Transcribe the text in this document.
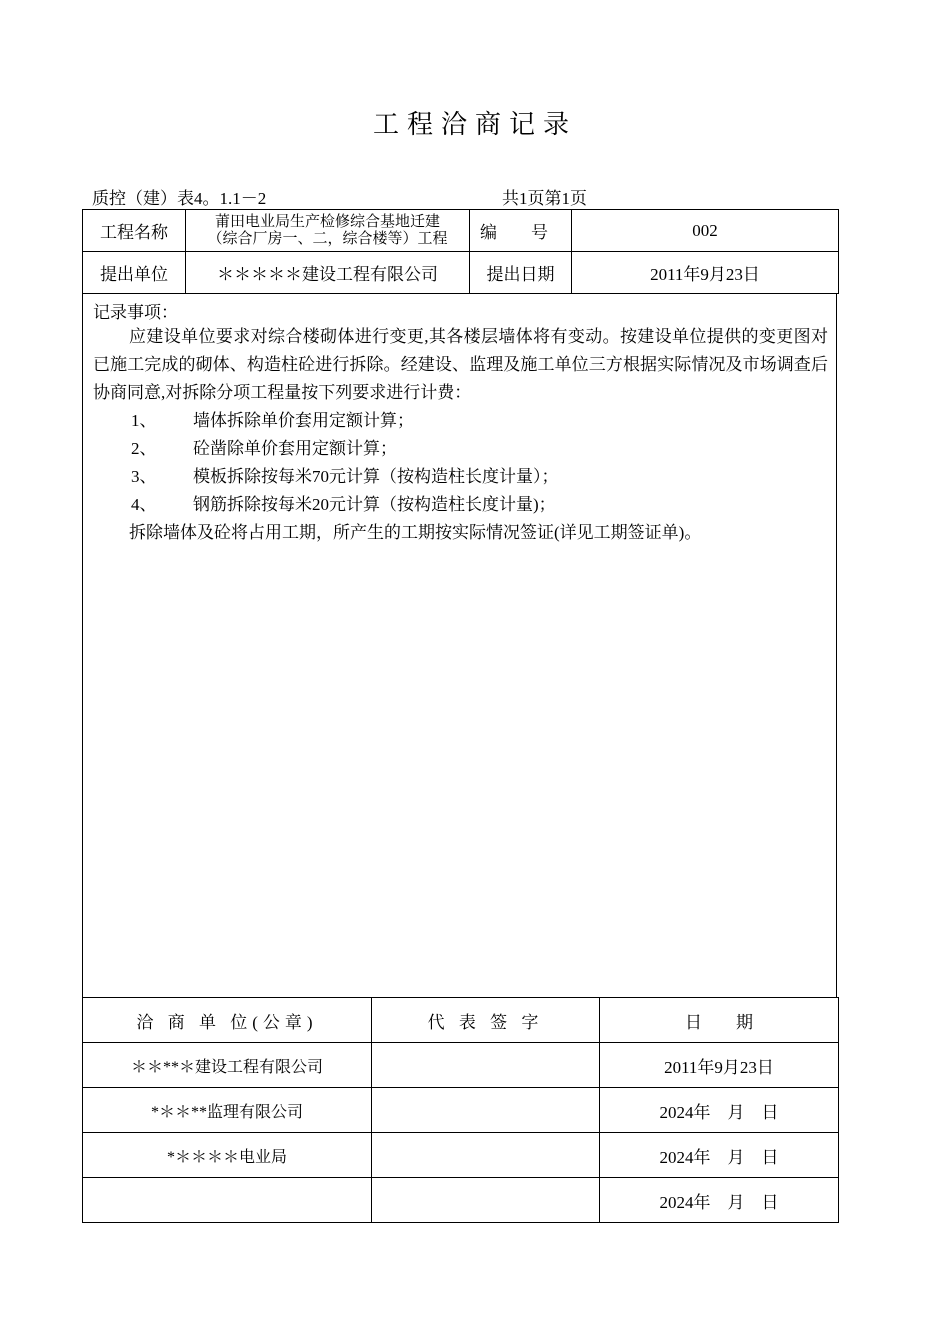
工程洽商记录
质控（建）表4。1.1－2	共1页第1页
工程名称	莆田电业局生产检修综合基地迁建
（综合厂房一、二，综合楼等）工程	编　　号	002
提出单位	＊＊＊＊＊建设工程有限公司	提出日期	2011年9月23日
记录事项：
应建设单位要求对综合楼砌体进行变更,其各楼层墙体将有变动。按建设单位提供的变更图对已施工完成的砌体、构造柱砼进行拆除。经建设、监理及施工单位三方根据实际情况及市场调查后协商同意,对拆除分项工程量按下列要求进行计费：
1、 墙体拆除单价套用定额计算；
2、 砼凿除单价套用定额计算；
3、 模板拆除按每米70元计算（按构造柱长度计量）；
4、 钢筋拆除按每米20元计算（按构造柱长度计量)；
拆除墙体及砼将占用工期，所产生的工期按实际情况签证(详见工期签证单)。
洽 商 单 位(公章)	代 表 签 字	日　　期
＊＊**＊建设工程有限公司		2011年9月23日
*＊＊**监理有限公司		2024年　月　日
*＊＊＊＊电业局		2024年　月　日
		2024年　月　日
